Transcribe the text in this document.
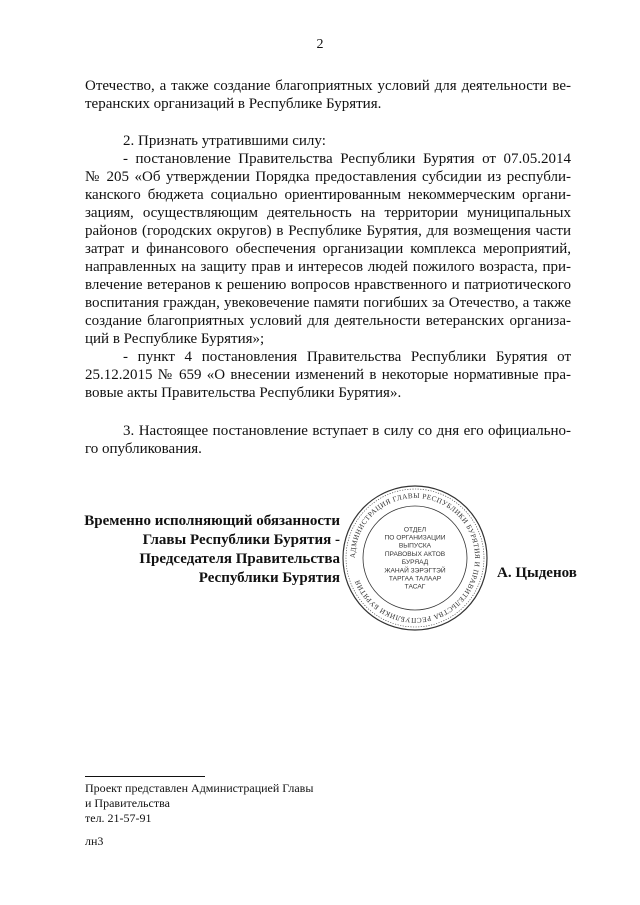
2
Отечество, а также создание благоприятных условий для деятельности ве-
теранских организаций в Республике Бурятия.
2. Признать утратившими силу:
- постановление Правительства Республики Бурятия от 07.05.2014
№ 205 «Об утверждении Порядка предоставления субсидии из республи-
канского бюджета социально ориентированным некоммерческим органи-
зациям, осуществляющим деятельность на территории муниципальных
районов (городских округов) в Республике Бурятия, для возмещения части
затрат и финансового обеспечения организации комплекса мероприятий,
направленных на защиту прав и интересов людей пожилого возраста, при-
влечение ветеранов к решению вопросов нравственного и патриотического
воспитания граждан, увековечение памяти погибших за Отечество, а также
создание благоприятных условий для деятельности ветеранских организа-
ций в Республике Бурятия»;
- пункт 4 постановления Правительства Республики Бурятия от
25.12.2015 № 659 «О внесении изменений в некоторые нормативные пра-
вовые акты Правительства Республики Бурятия».
3. Настоящее постановление вступает в силу со дня его официально-
го опубликования.
Временно исполняющий обязанности
Главы Республики Бурятия -
Председателя Правительства
Республики Бурятия
АДМИНИСТРАЦИЯ ГЛАВЫ РЕСПУБЛИКИ БУРЯТИЯ И ПРАВИТЕЛЬСТВА РЕСПУБЛИКИ БУРЯТИЯ
ОТДЕЛ
ПО ОРГАНИЗАЦИИ
ВЫПУСКА
ПРАВОВЫХ АКТОВ
БУРЯАД
ЖАНАЙ ЗЭРЭГТЭЙ
ТАРГАА ТАЛААР
ТАСАГ
А. Цыденов
Проект представлен Администрацией Главы
и Правительства
тел. 21-57-91
лн3
